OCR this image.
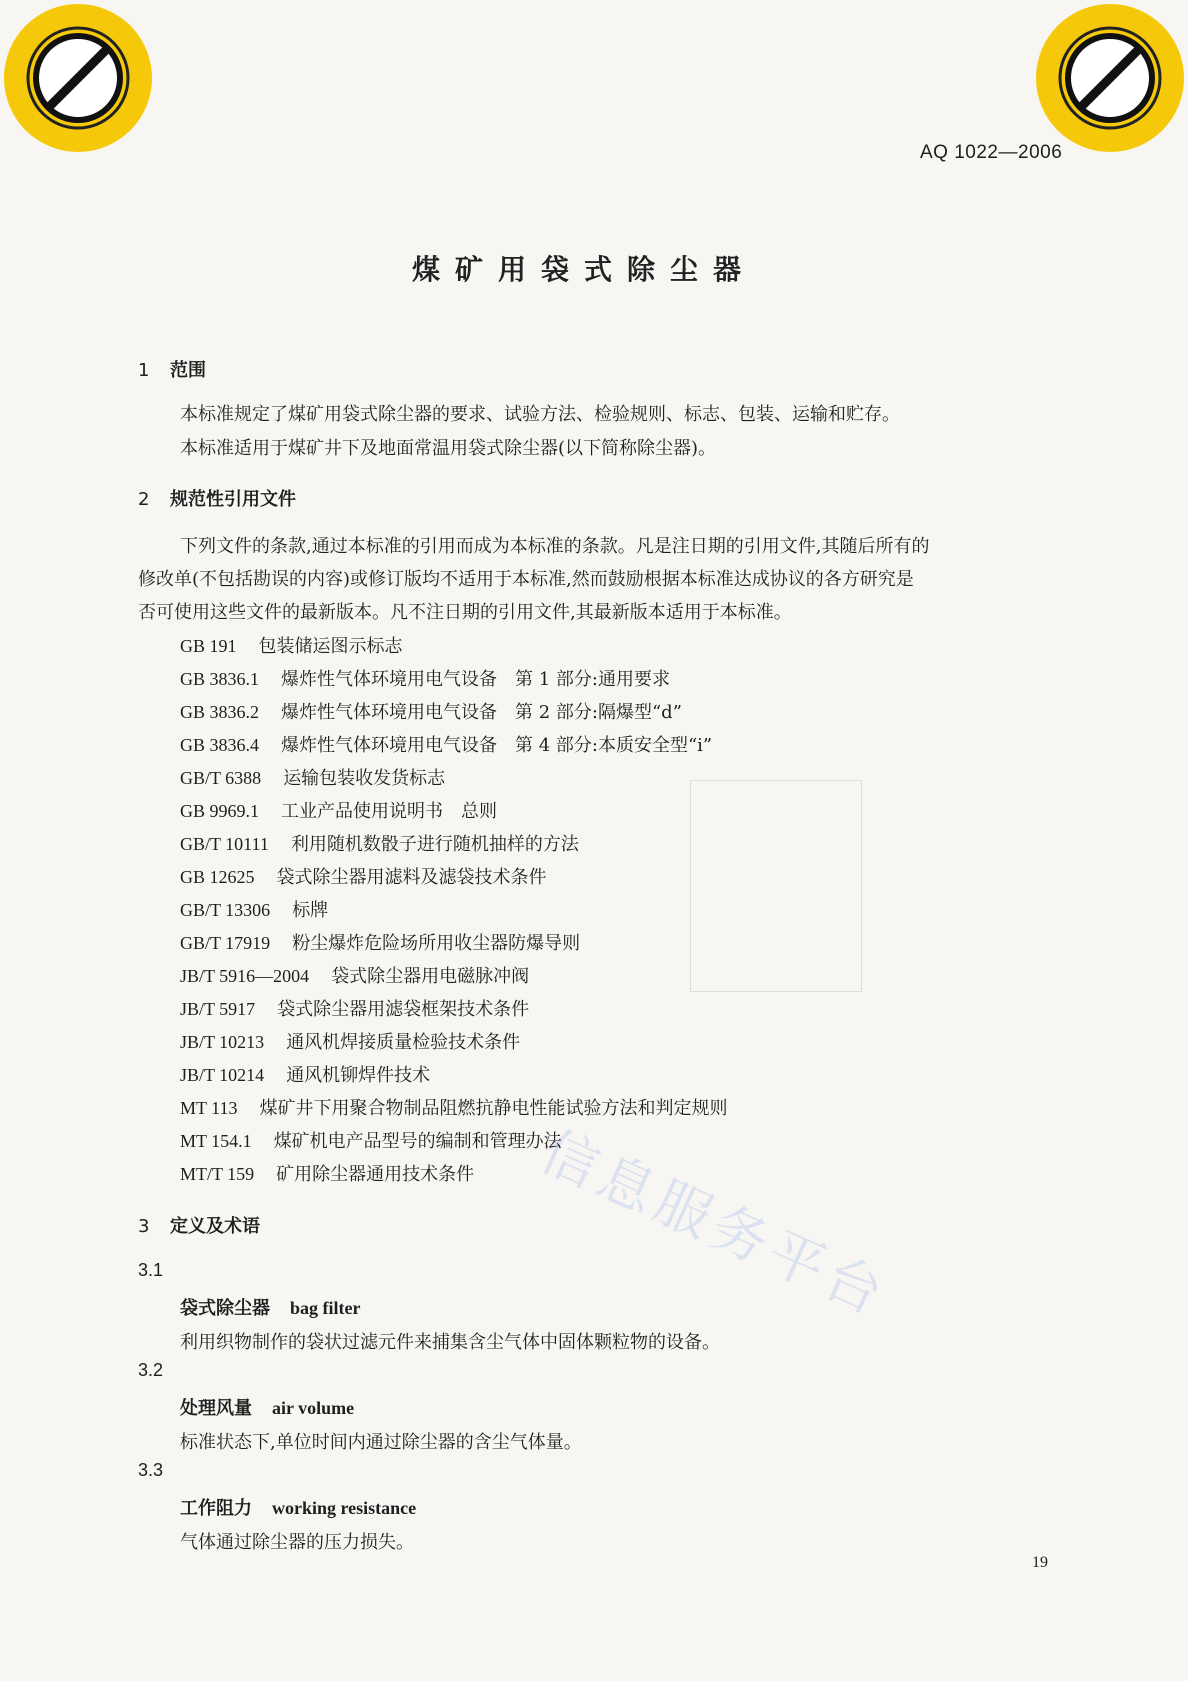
信息服务平台
AQ 1022—2006
煤矿用袋式除尘器
1 范围
本标准规定了煤矿用袋式除尘器的要求、试验方法、检验规则、标志、包装、运输和贮存。
本标准适用于煤矿井下及地面常温用袋式除尘器(以下简称除尘器)。
2 规范性引用文件
下列文件的条款,通过本标准的引用而成为本标准的条款。凡是注日期的引用文件,其随后所有的
修改单(不包括勘误的内容)或修订版均不适用于本标准,然而鼓励根据本标准达成协议的各方研究是
否可使用这些文件的最新版本。凡不注日期的引用文件,其最新版本适用于本标准。
GB 191 包装储运图示标志
GB 3836.1 爆炸性气体环境用电气设备　第 1 部分:通用要求
GB 3836.2 爆炸性气体环境用电气设备　第 2 部分:隔爆型“d”
GB 3836.4 爆炸性气体环境用电气设备　第 4 部分:本质安全型“i”
GB/T 6388 运输包装收发货标志
GB 9969.1 工业产品使用说明书　总则
GB/T 10111 利用随机数骰子进行随机抽样的方法
GB 12625 袋式除尘器用滤料及滤袋技术条件
GB/T 13306 标牌
GB/T 17919 粉尘爆炸危险场所用收尘器防爆导则
JB/T 5916—2004 袋式除尘器用电磁脉冲阀
JB/T 5917 袋式除尘器用滤袋框架技术条件
JB/T 10213 通风机焊接质量检验技术条件
JB/T 10214 通风机铆焊件技术
MT 113 煤矿井下用聚合物制品阻燃抗静电性能试验方法和判定规则
MT 154.1 煤矿机电产品型号的编制和管理办法
MT/T 159 矿用除尘器通用技术条件
3 定义及术语
3.1
袋式除尘器 bag filter
利用织物制作的袋状过滤元件来捕集含尘气体中固体颗粒物的设备。
3.2
处理风量 air volume
标准状态下,单位时间内通过除尘器的含尘气体量。
3.3
工作阻力 working resistance
气体通过除尘器的压力损失。
19
